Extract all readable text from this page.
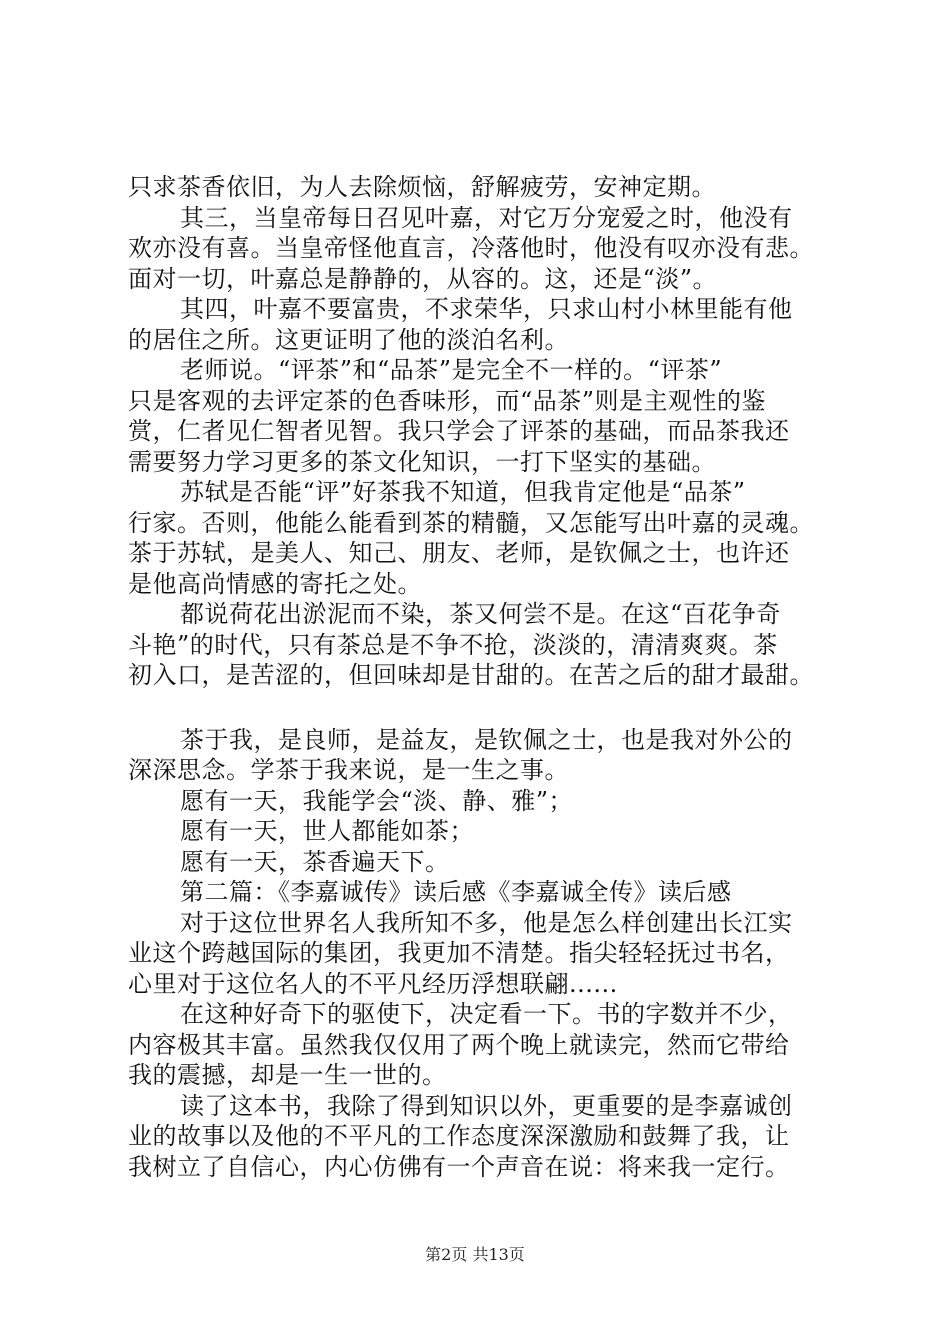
只求茶香依旧，为人去除烦恼，舒解疲劳，安神定期。
其三，当皇帝每日召见叶嘉，对它万分宠爱之时，他没有
欢亦没有喜。当皇帝怪他直言，冷落他时，他没有叹亦没有悲。
面对一切，叶嘉总是静静的，从容的。这，还是“淡”。
其四，叶嘉不要富贵，不求荣华，只求山村小林里能有他
的居住之所。这更证明了他的淡泊名利。
老师说。“评茶”和“品茶”是完全不一样的。“评茶”
只是客观的去评定茶的色香味形，而“品茶”则是主观性的鉴
赏，仁者见仁智者见智。我只学会了评茶的基础，而品茶我还
需要努力学习更多的茶文化知识，一打下坚实的基础。
苏轼是否能“评”好茶我不知道，但我肯定他是“品茶”
行家。否则，他能么能看到茶的精髓，又怎能写出叶嘉的灵魂。
茶于苏轼，是美人、知己、朋友、老师，是钦佩之士，也许还
是他高尚情感的寄托之处。
都说荷花出淤泥而不染，茶又何尝不是。在这“百花争奇
斗艳”的时代，只有茶总是不争不抢，淡淡的，清清爽爽。茶
初入口，是苦涩的，但回味却是甘甜的。在苦之后的甜才最甜。
茶于我，是良师，是益友，是钦佩之士，也是我对外公的
深深思念。学茶于我来说，是一生之事。
愿有一天，我能学会“淡、静、雅”；
愿有一天，世人都能如茶；
愿有一天，茶香遍天下。
第二篇：《李嘉诚传》读后感《李嘉诚全传》读后感
对于这位世界名人我所知不多，他是怎么样创建出长江实
业这个跨越国际的集团，我更加不清楚。指尖轻轻抚过书名，
心里对于这位名人的不平凡经历浮想联翩......
在这种好奇下的驱使下，决定看一下。书的字数并不少，
内容极其丰富。虽然我仅仅用了两个晚上就读完，然而它带给
我的震撼，却是一生一世的。
读了这本书，我除了得到知识以外，更重要的是李嘉诚创
业的故事以及他的不平凡的工作态度深深激励和鼓舞了我，让
我树立了自信心，内心仿佛有一个声音在说：将来我一定行。
第2页 共13页
